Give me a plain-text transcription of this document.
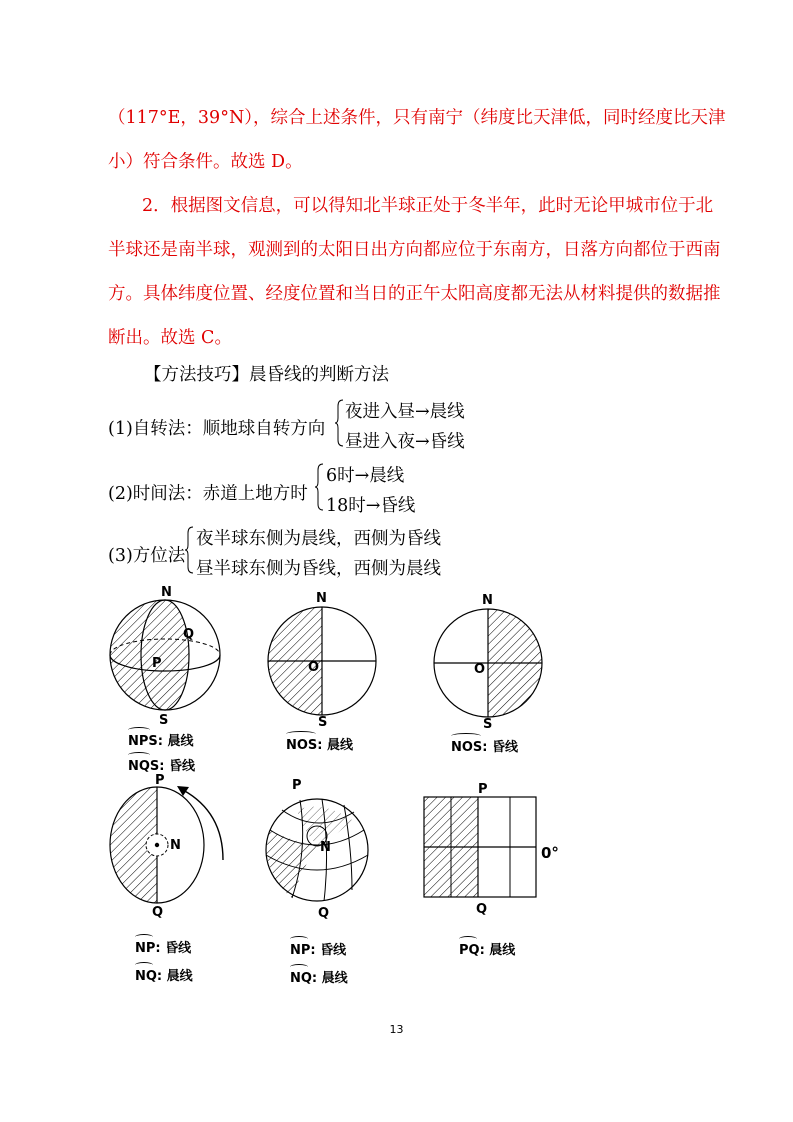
（117°E，39°N），综合上述条件，只有南宁（纬度比天津低，同时经度比天津
小）符合条件。故选 D。
2．根据图文信息，可以得知北半球正处于冬半年，此时无论甲城市位于北
半球还是南半球，观测到的太阳日出方向都应位于东南方，日落方向都位于西南
方。具体纬度位置、经度位置和当日的正午太阳高度都无法从材料提供的数据推
断出。故选 C。
【方法技巧】晨昏线的判断方法
(1)自转法：顺地球自转方向
夜进入昼→晨线
昼进入夜→昏线
(2)时间法：赤道上地方时
6时→晨线
18时→昏线
(3)方位法
夜半球东侧为晨线，西侧为昏线
昼半球东侧为昏线，西侧为晨线
N
Q
P
S
NPS: 晨线
NQS: 昏线
N
O
S
NOS: 晨线
N
O
S
NOS: 昏线
P
N
Q
NP: 昏线
NQ: 晨线
P
N
Q
NP: 昏线
NQ: 晨线
P
0°
Q
PQ: 晨线
13
